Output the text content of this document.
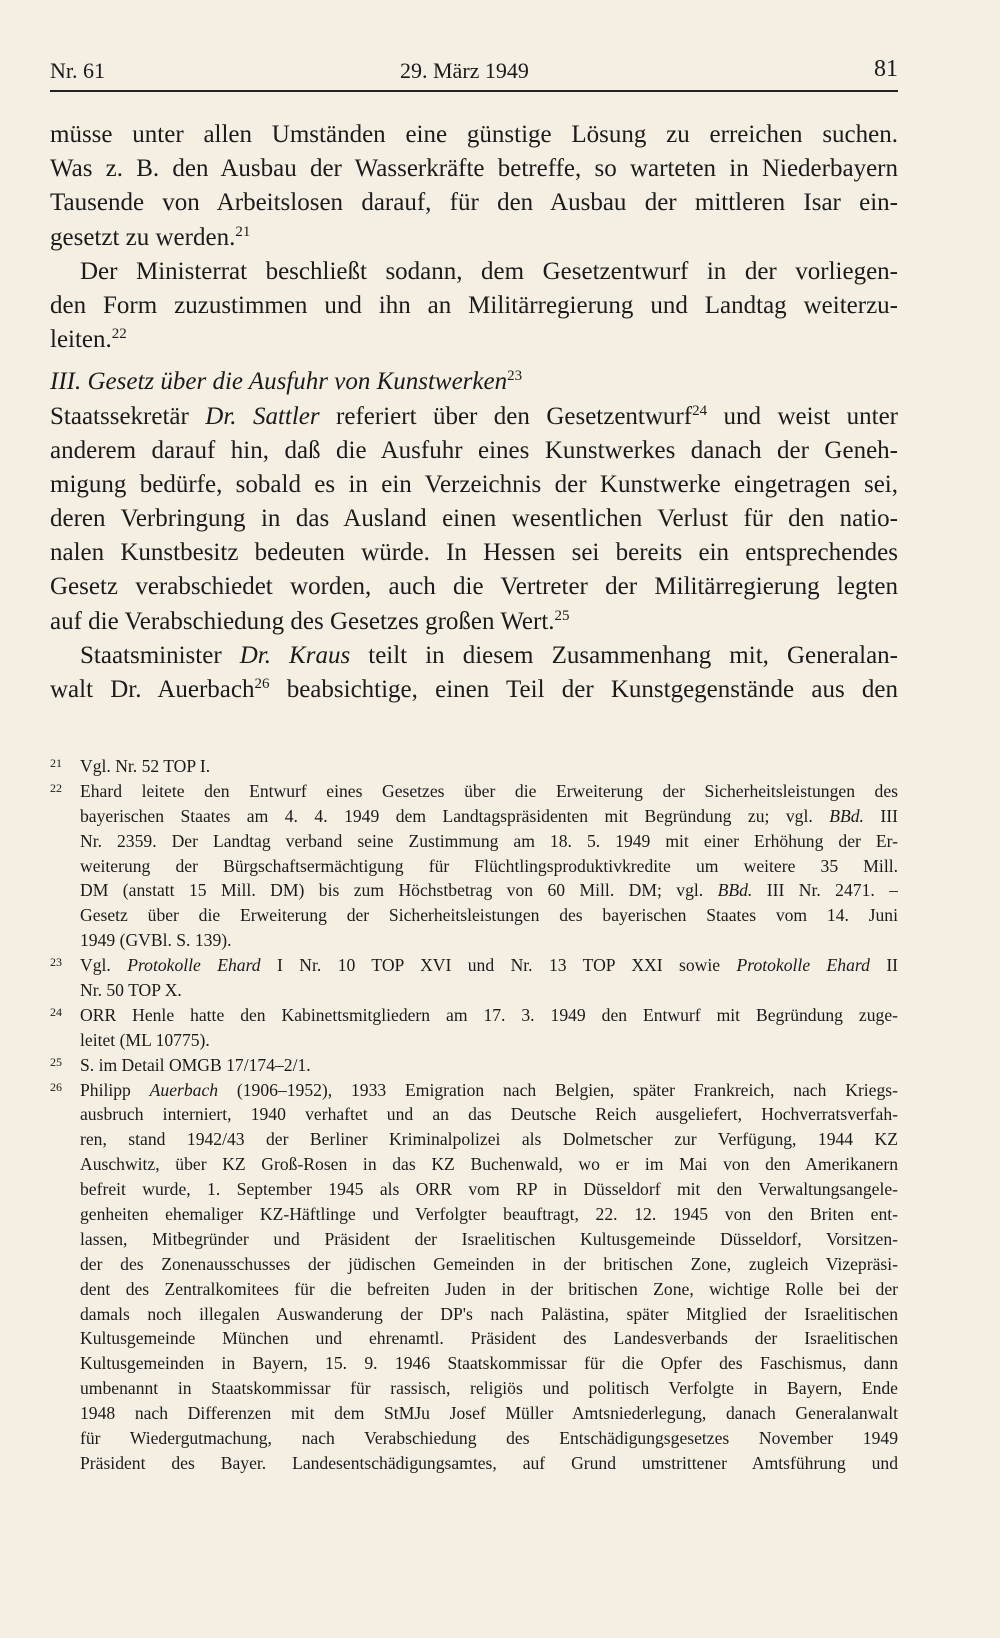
Nr. 61	29. März 1949	81
müsse unter allen Umständen eine günstige Lösung zu erreichen suchen.
Was z. B. den Ausbau der Wasserkräfte betreffe, so warteten in Niederbayern
Tausende von Arbeitslosen darauf, für den Ausbau der mittleren Isar ein-
gesetzt zu werden.$^{21}$
Der Ministerrat beschließt sodann, dem Gesetzentwurf in der vorliegen-
den Form zuzustimmen und ihn an Militärregierung und Landtag weiterzu-
leiten.$^{22}$
III. Gesetz über die Ausfuhr von Kunstwerken$^{23}$
Staatssekretär Dr. Sattler referiert über den Gesetzentwurf$^{24}$ und weist unter
anderem darauf hin, daß die Ausfuhr eines Kunstwerkes danach der Geneh-
migung bedürfe, sobald es in ein Verzeichnis der Kunstwerke eingetragen sei,
deren Verbringung in das Ausland einen wesentlichen Verlust für den natio-
nalen Kunstbesitz bedeuten würde. In Hessen sei bereits ein entsprechendes
Gesetz verabschiedet worden, auch die Vertreter der Militärregierung legten
auf die Verabschiedung des Gesetzes großen Wert.$^{25}$
Staatsminister Dr. Kraus teilt in diesem Zusammenhang mit, Generalan-
walt Dr. Auerbach$^{26}$ beabsichtige, einen Teil der Kunstgegenstände aus den
21 Vgl. Nr. 52 TOP I.
22 Ehard leitete den Entwurf eines Gesetzes über die Erweiterung der Sicherheitsleistungen des
bayerischen Staates am 4. 4. 1949 dem Landtagspräsidenten mit Begründung zu; vgl. BBd. III
Nr. 2359. Der Landtag verband seine Zustimmung am 18. 5. 1949 mit einer Erhöhung der Er-
weiterung der Bürgschaftsermächtigung für Flüchtlingsproduktivkredite um weitere 35 Mill.
DM (anstatt 15 Mill. DM) bis zum Höchstbetrag von 60 Mill. DM; vgl. BBd. III Nr. 2471. –
Gesetz über die Erweiterung der Sicherheitsleistungen des bayerischen Staates vom 14. Juni
1949 (GVBl. S. 139).
23 Vgl. Protokolle Ehard I Nr. 10 TOP XVI und Nr. 13 TOP XXI sowie Protokolle Ehard II
Nr. 50 TOP X.
24 ORR Henle hatte den Kabinettsmitgliedern am 17. 3. 1949 den Entwurf mit Begründung zuge-
leitet (ML 10775).
25 S. im Detail OMGB 17/174–2/1.
26 Philipp Auerbach (1906–1952), 1933 Emigration nach Belgien, später Frankreich, nach Kriegs-
ausbruch interniert, 1940 verhaftet und an das Deutsche Reich ausgeliefert, Hochverratsverfah-
ren, stand 1942/43 der Berliner Kriminalpolizei als Dolmetscher zur Verfügung, 1944 KZ
Auschwitz, über KZ Groß-Rosen in das KZ Buchenwald, wo er im Mai von den Amerikanern
befreit wurde, 1. September 1945 als ORR vom RP in Düsseldorf mit den Verwaltungsangele-
genheiten ehemaliger KZ-Häftlinge und Verfolgter beauftragt, 22. 12. 1945 von den Briten ent-
lassen, Mitbegründer und Präsident der Israelitischen Kultusgemeinde Düsseldorf, Vorsitzen-
der des Zonenausschusses der jüdischen Gemeinden in der britischen Zone, zugleich Vizepräsi-
dent des Zentralkomitees für die befreiten Juden in der britischen Zone, wichtige Rolle bei der
damals noch illegalen Auswanderung der DP's nach Palästina, später Mitglied der Israelitischen
Kultusgemeinde München und ehrenamtl. Präsident des Landesverbands der Israelitischen
Kultusgemeinden in Bayern, 15. 9. 1946 Staatskommissar für die Opfer des Faschismus, dann
umbenannt in Staatskommissar für rassisch, religiös und politisch Verfolgte in Bayern, Ende
1948 nach Differenzen mit dem StMJu Josef Müller Amtsniederlegung, danach Generalanwalt
für Wiedergutmachung, nach Verabschiedung des Entschädigungsgesetzes November 1949
Präsident des Bayer. Landesentschädigungsamtes, auf Grund umstrittener Amtsführung und
